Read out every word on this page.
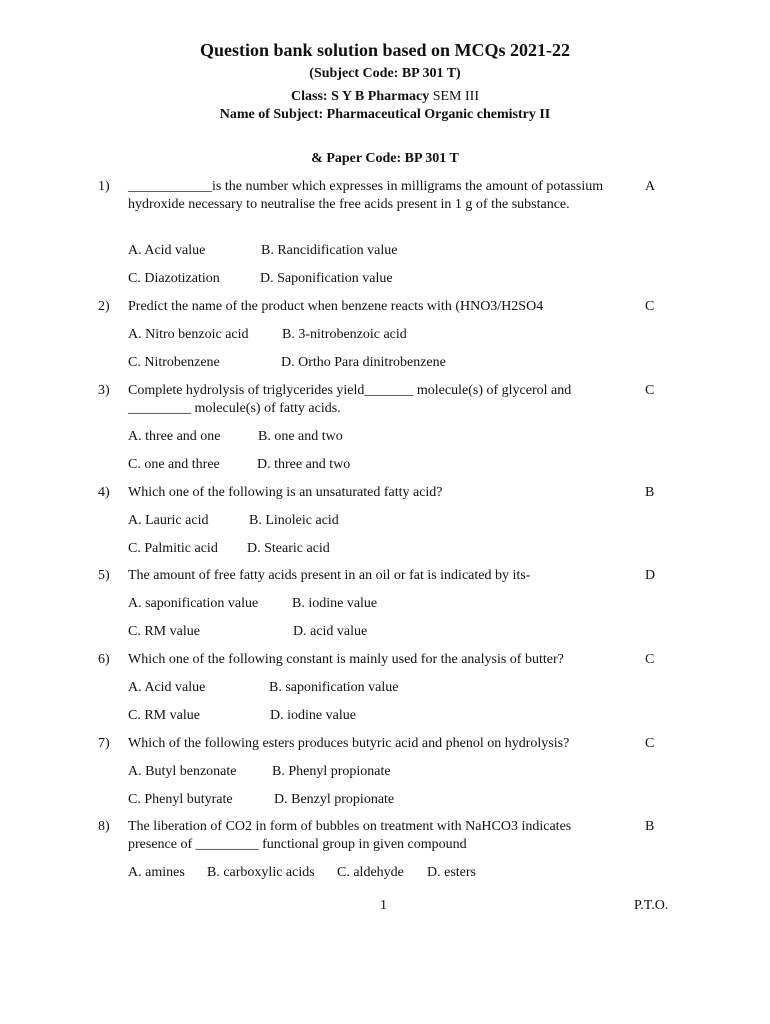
Question bank solution based on MCQs 2021-22
(Subject Code: BP 301 T)
Class: S Y B Pharmacy SEM III
Name of Subject: Pharmaceutical Organic chemistry II
& Paper Code: BP 301 T
1) ____________is the number which expresses in milligrams the amount of potassium hydroxide necessary to neutralise the free acids present in 1 g of the substance.
A
A. Acid value	B. Rancidification value
C. Diazotization	D. Saponification value
2) Predict the name of the product when benzene reacts with (HNO3/H2SO4	C
A. Nitro benzoic acid B. 3-nitrobenzoic acid
C. Nitrobenzene	D. Ortho Para dinitrobenzene
3) Complete hydrolysis of triglycerides yield_______ molecule(s) of glycerol and _________ molecule(s) of fatty acids.
C
A. three and one	B. one and two
C. one and three	D. three and two
4) Which one of the following is an unsaturated fatty acid?	B
A. Lauric acid	B. Linoleic acid
C. Palmitic acid D. Stearic acid
5) The amount of free fatty acids present in an oil or fat is indicated by its-	D
A. saponification value B. iodine value
C. RM value	D. acid value
6) Which one of the following constant is mainly used for the analysis of butter?	C
A. Acid value	B. saponification value
C. RM value	D. iodine value
7) Which of the following esters produces butyric acid and phenol on hydrolysis?	C
A. Butyl benzonate	B. Phenyl propionate
C. Phenyl butyrate	D. Benzyl propionate
8) The liberation of CO2 in form of bubbles on treatment with NaHCO3 indicates presence of _________ functional group in given compound
B
A. amines B. carboxylic acids C. aldehyde D. esters
1	P.T.O.
